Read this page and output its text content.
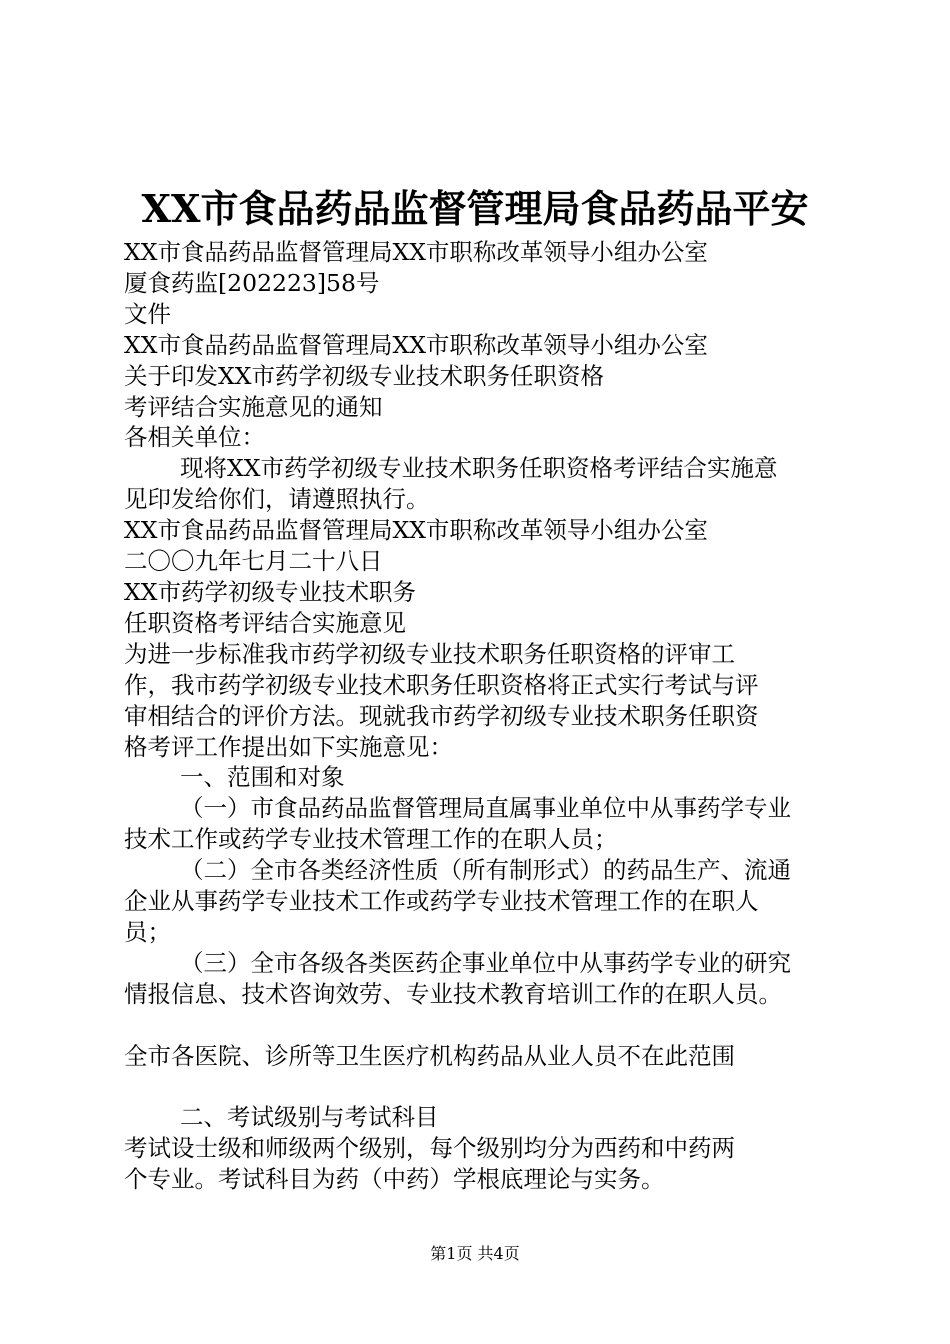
XX市食品药品监督管理局食品药品平安

XX市食品药品监督管理局XX市职称改革领导小组办公室

厦食药监[202223]58号

文件

XX市食品药品监督管理局XX市职称改革领导小组办公室

关于印发XX市药学初级专业技术职务任职资格

考评结合实施意见的通知

各相关单位：

现将XX市药学初级专业技术职务任职资格考评结合实施意

见印发给你们，请遵照执行。

XX市食品药品监督管理局XX市职称改革领导小组办公室

二〇〇九年七月二十八日

XX市药学初级专业技术职务

任职资格考评结合实施意见

为进一步标准我市药学初级专业技术职务任职资格的评审工

作，我市药学初级专业技术职务任职资格将正式实行考试与评

审相结合的评价方法。现就我市药学初级专业技术职务任职资

格考评工作提出如下实施意见：

一、范围和对象

（一）市食品药品监督管理局直属事业单位中从事药学专业

技术工作或药学专业技术管理工作的在职人员；

（二）全市各类经济性质（所有制形式）的药品生产、流通

企业从事药学专业技术工作或药学专业技术管理工作的在职人

员；

（三）全市各级各类医药企事业单位中从事药学专业的研究

情报信息、技术咨询效劳、专业技术教育培训工作的在职人员。

全市各医院、诊所等卫生医疗机构药品从业人员不在此范围

二、考试级别与考试科目

考试设士级和师级两个级别，每个级别均分为西药和中药两

个专业。考试科目为药（中药）学根底理论与实务。

第1页 共4页
